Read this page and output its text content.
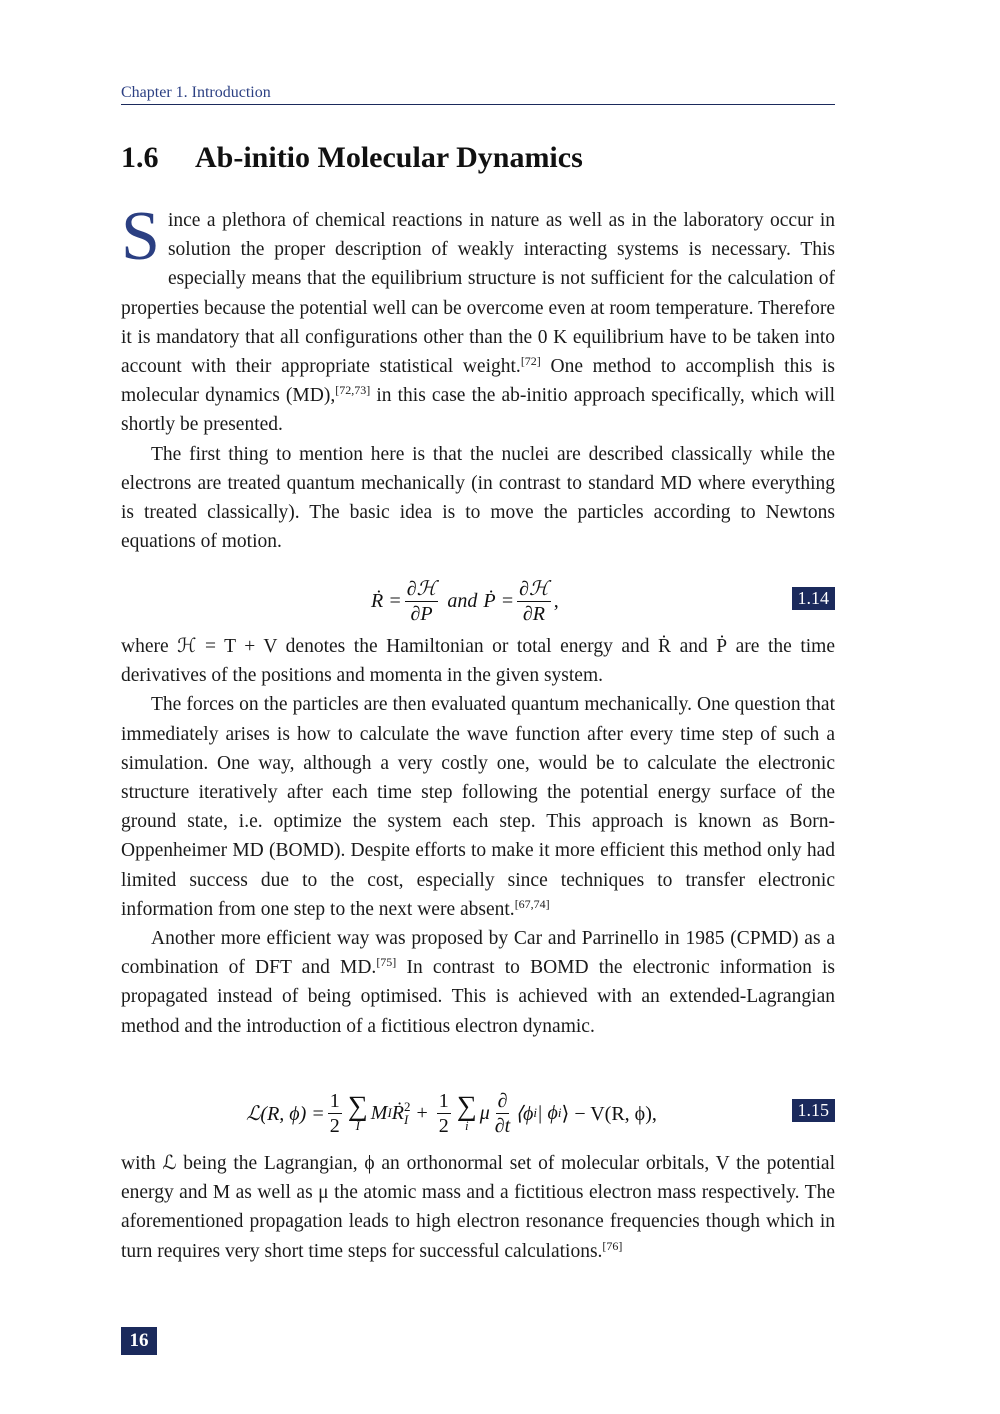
Chapter 1. Introduction
1.6 Ab-initio Molecular Dynamics

Since a plethora of chemical reactions in nature as well as in the laboratory occur in solution the proper description of weakly interacting systems is necessary. This especially means that the equilibrium structure is not sufficient for the calculation of properties because the potential well can be overcome even at room temperature. Therefore it is mandatory that all configurations other than the 0 K equilibrium have to be taken into account with their appropriate statistical weight.[72] One method to accomplish this is molecular dynamics (MD),[72,73] in this case the ab-initio approach specifically, which will shortly be presented.

The first thing to mention here is that the nuclei are described classically while the electrons are treated quantum mechanically (in contrast to standard MD where everything is treated classically). The basic idea is to move the particles according to Newtons equations of motion.

Ṙ = $\frac{\text{∂ℋ}}{\partial P}$ and Ṗ = $\frac{\text{∂ℋ}}{\partial R}$ ,	1.14

where ℋ = T + V denotes the Hamiltonian or total energy and Ṙ and Ṗ are the time derivatives of the positions and momenta in the given system.

The forces on the particles are then evaluated quantum mechanically. One question that immediately arises is how to calculate the wave function after every time step of such a simulation. One way, although a very costly one, would be to calculate the electronic structure iteratively after each time step following the potential energy surface of the ground state, i.e. optimize the system each step. This approach is known as Born-Oppenheimer MD (BOMD). Despite efforts to make it more efficient this method only had limited success due to the cost, especially since techniques to transfer electronic information from one step to the next were absent.[67,74]

Another more efficient way was proposed by Car and Parrinello in 1985 (CPMD) as a combination of DFT and MD.[75] In contrast to BOMD the electronic information is propagated instead of being optimised. This is achieved with an extended-Lagrangian method and the introduction of a fictitious electron dynamic.

ℒ(R, $\phi) = \frac{1}{2}$ ∑
I
M I Ṙ 2
$I + \frac{1}{2}$ ∑
i
μ $\frac{\partial}{\partial t}$ ⟨ϕ i | ϕ i ⟩ − V(R, ϕ),	1.15

with ℒ being the Lagrangian, ϕ an orthonormal set of molecular orbitals, V the potential energy and M as well as μ the atomic mass and a fictitious electron mass respectively. The aforementioned propagation leads to high electron resonance frequencies though which in turn requires very short time steps for successful calculations.[76]

16
